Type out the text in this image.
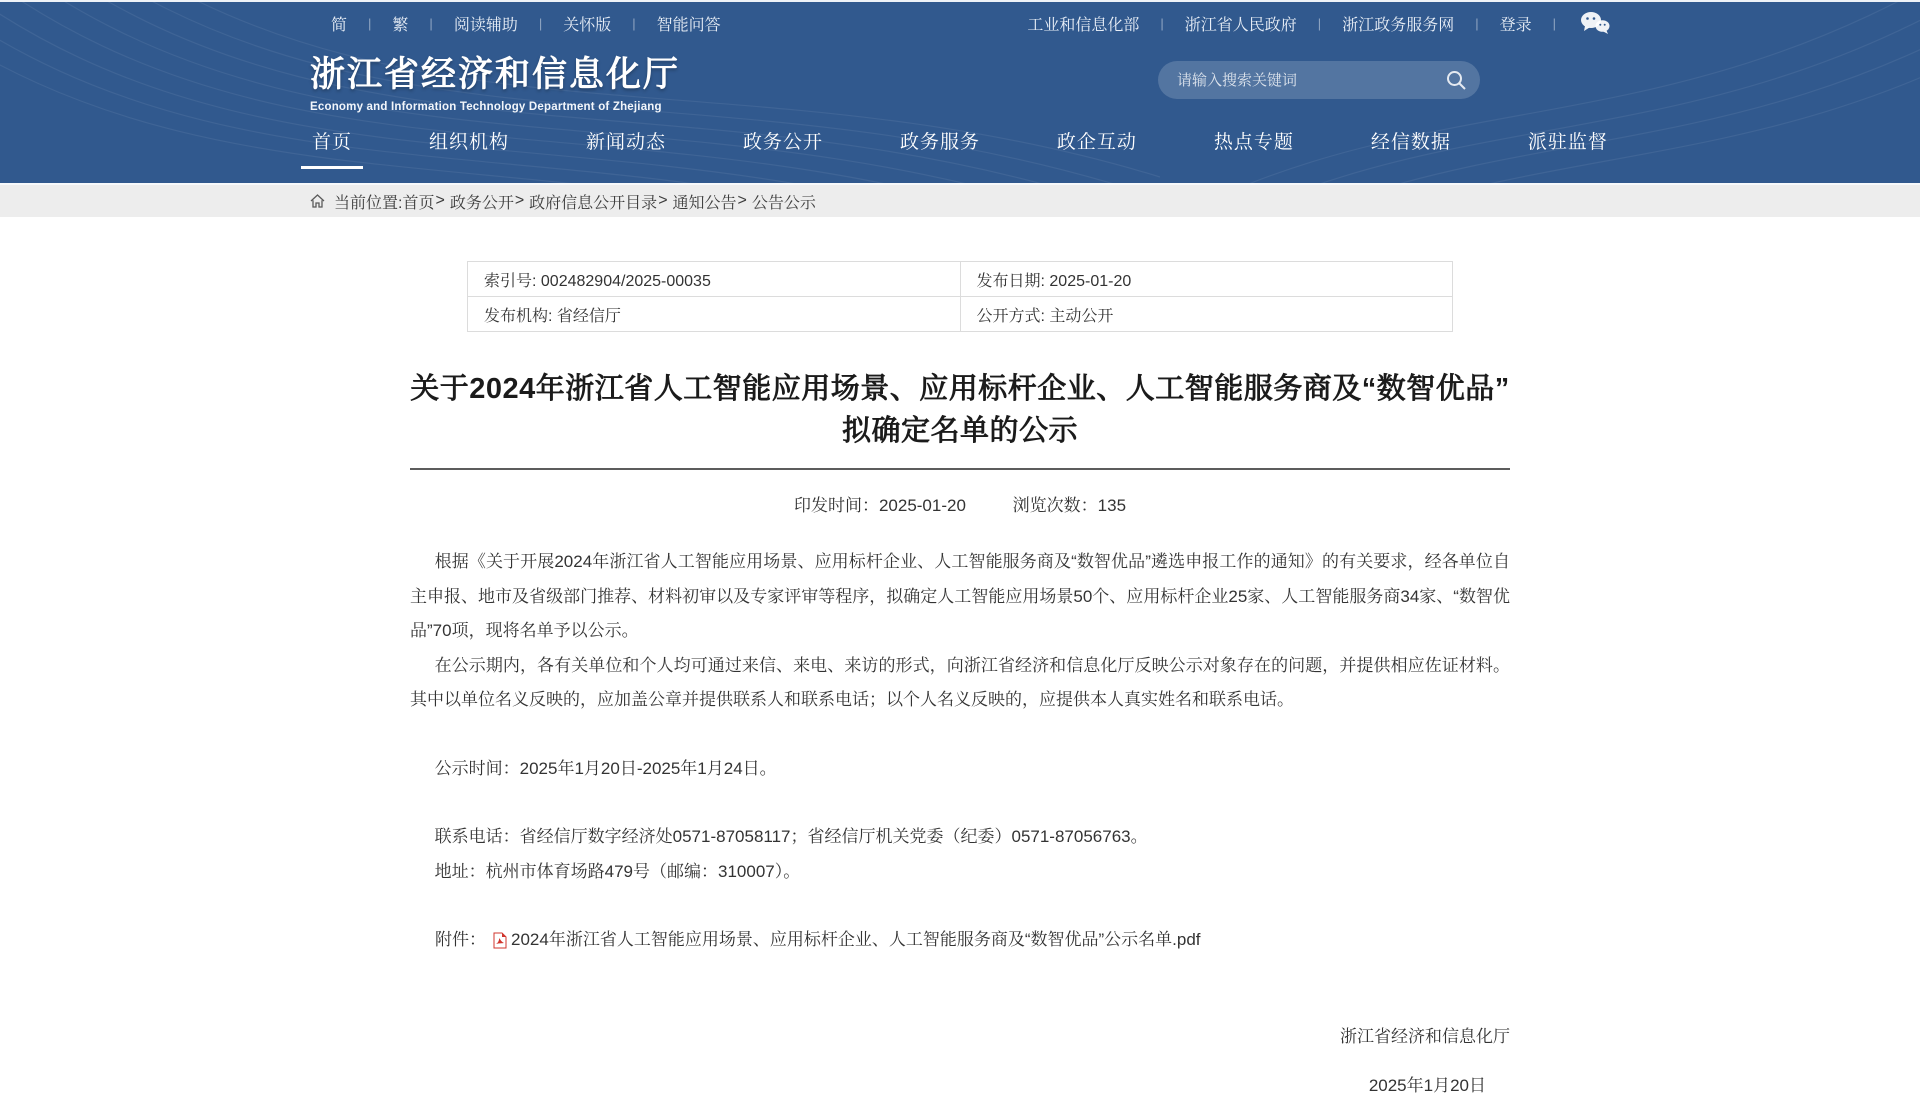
简	|	繁	|	阅读辅助	|	关怀版	|	智能问答	工业和信息化部	|	浙江省人民政府	|	浙江政务服务网	|	登录	|
浙江省经济和信息化厅
Economy and Information Technology Department of Zhejiang
请输入搜索关键词
首页	组织机构	新闻动态	政务公开	政务服务	政企互动	热点专题	经信数据	派驻监督
当前位置: 首页 > 政务公开 > 政府信息公开目录 > 通知公告 > 公告公示
索引号: 002482904/2025-00035	发布日期: 2025-01-20
发布机构: 省经信厅	公开方式: 主动公开
关于2024年浙江省人工智能应用场景、应用标杆企业、人工智能服务商及“数智优品”拟确定名单的公示
印发时间：2025-01-20	浏览次数：135

根据《关于开展2024年浙江省人工智能应用场景、应用标杆企业、人工智能服务商及“数智优品”遴选申报工作的通知》的有关要求，经各单位自主申报、地市及省级部门推荐、材料初审以及专家评审等程序，拟确定人工智能应用场景50个、应用标杆企业25家、人工智能服务商34家、“数智优品”70项，现将名单予以公示。

在公示期内，各有关单位和个人均可通过来信、来电、来访的形式，向浙江省经济和信息化厅反映公示对象存在的问题，并提供相应佐证材料。其中以单位名义反映的，应加盖公章并提供联系人和联系电话；以个人名义反映的，应提供本人真实姓名和联系电话。

公示时间：2025年1月20日-2025年1月24日。

联系电话：省经信厅数字经济处0571-87058117；省经信厅机关党委（纪委）0571-87056763。

地址：杭州市体育场路479号（邮编：310007）。

附件： 2024年浙江省人工智能应用场景、应用标杆企业、人工智能服务商及“数智优品”公示名单.pdf
浙江省经济和信息化厅
2025年1月20日
